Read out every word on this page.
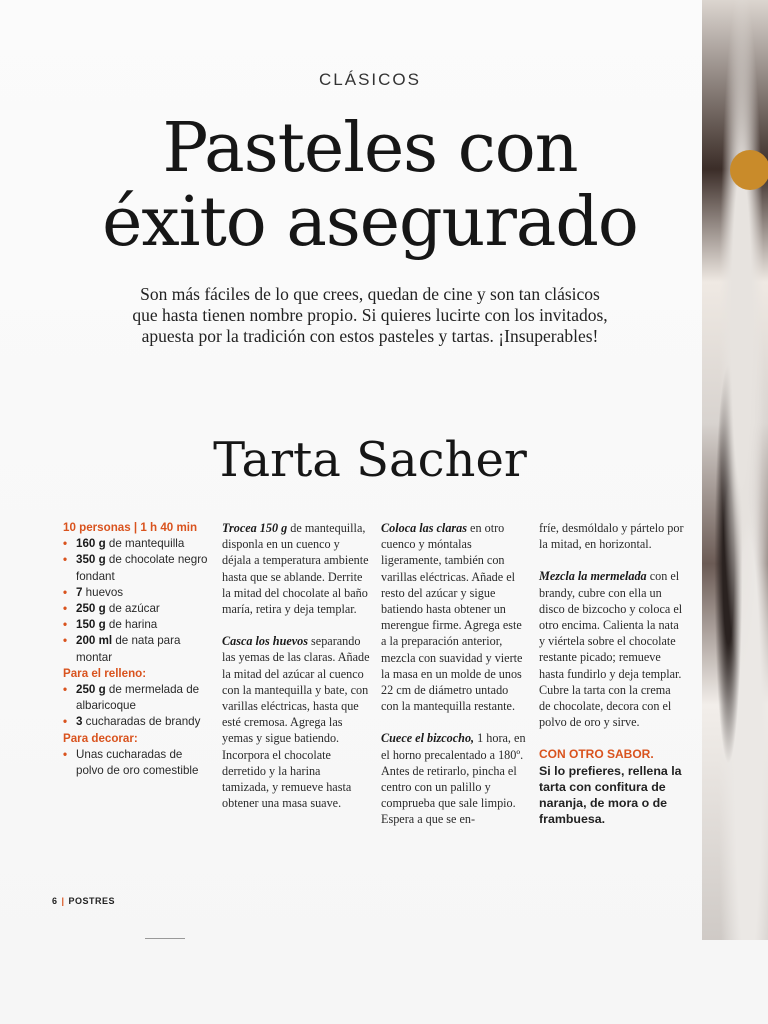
CLÁSICOS
Pasteles con
éxito asegurado
Son más fáciles de lo que crees, quedan de cine y son tan clásicos
que hasta tienen nombre propio. Si quieres lucirte con los invitados,
apuesta por la tradición con estos pasteles y tartas. ¡Insuperables!
Tarta Sacher
10 personas | 1 h 40 min
• 160 g de mantequilla
• 350 g de chocolate negro fondant
• 7 huevos
• 250 g de azúcar
• 150 g de harina
• 200 ml de nata para montar
Para el relleno:
• 250 g de mermelada de albaricoque
• 3 cucharadas de brandy
Para decorar:
• Unas cucharadas de polvo de oro comestible

Trocea 150 g de mantequilla, disponla en un cuenco y déjala a temperatura ambiente hasta que se ablande. Derrite la mitad del chocolate al baño maría, retira y deja templar.

Casca los huevos separando las yemas de las claras. Añade la mitad del azúcar al cuenco con la mantequilla y bate, con varillas eléctricas, hasta que esté cremosa. Agrega las yemas y sigue batiendo. Incorpora el chocolate derretido y la harina tamizada, y remueve hasta obtener una masa suave.

Coloca las claras en otro cuenco y móntalas ligeramente, también con varillas eléctricas. Añade el resto del azúcar y sigue batiendo hasta obtener un merengue firme. Agrega este a la preparación anterior, mezcla con suavidad y vierte la masa en un molde de unos 22 cm de diámetro untado con la mantequilla restante.

Cuece el bizcocho, 1 hora, en el horno precalentado a 180º. Antes de retirarlo, pincha el centro con un palillo y comprueba que sale limpio. Espera a que se en-

fríe, desmóldalo y pártelo por la mitad, en horizontal.

Mezcla la mermelada con el brandy, cubre con ella un disco de bizcocho y coloca el otro encima. Calienta la nata y viértela sobre el chocolate restante picado; remueve hasta fundirlo y deja templar. Cubre la tarta con la crema de chocolate, decora con el polvo de oro y sirve.

CON OTRO SABOR.
Si lo prefieres, rellena la tarta con confitura de naranja, de mora o de frambuesa.
6 | POSTRES
